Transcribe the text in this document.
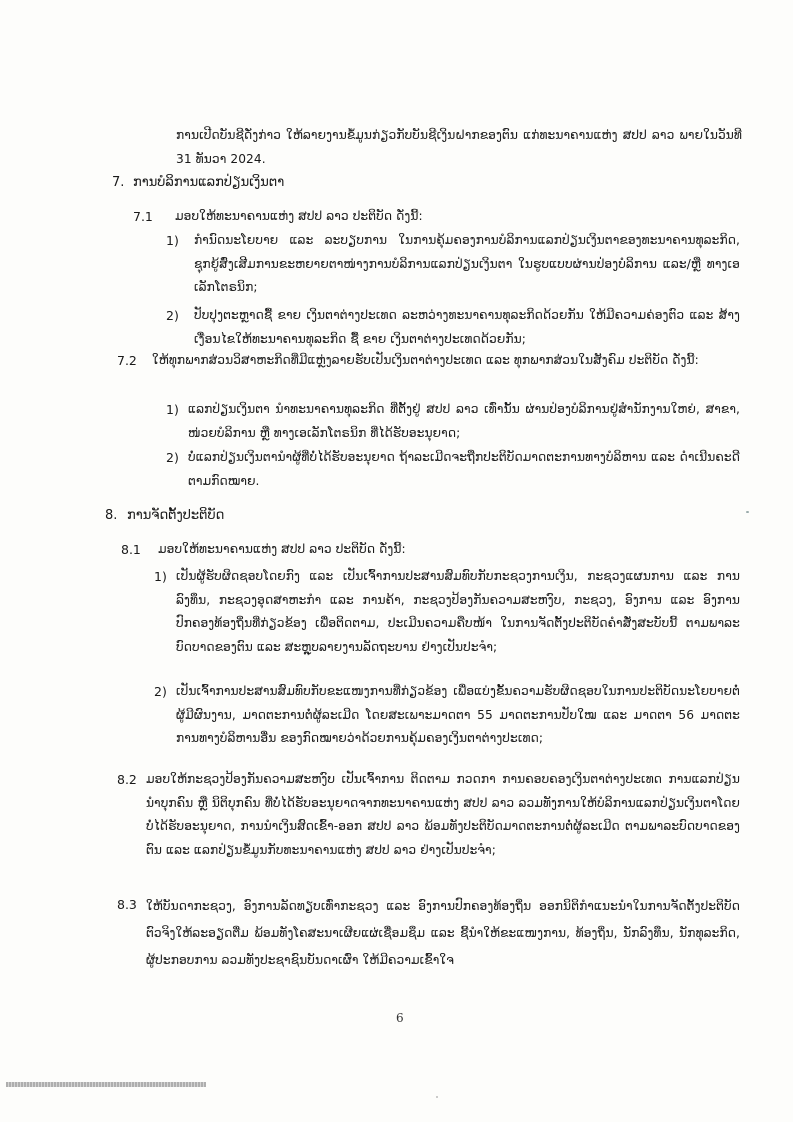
ການເປີດບັນຊີດັ່ງກ່າວ ໃຫ້ລາຍງານຂໍ້ມູນກ່ຽວກັບບັນຊີເງິນຝາກຂອງຕົນ ແກ່ທະນາຄານແຫ່ງ ສປປ ລາວ ພາຍໃນວັນທີ 31 ທັນວາ 2024.

7. ການບໍລິການແລກປ່ຽນເງິນຕາ
7.1 ມອບໃຫ້ທະນາຄານແຫ່ງ ສປປ ລາວ ປະຕິບັດ ດັ່ງນີ້:

1) ກຳນົດນະໂຍບາຍ ແລະ ລະບຽບການ ໃນການຄຸ້ມຄອງການບໍລິການແລກປ່ຽນເງິນຕາຂອງທະນາຄານທຸລະກິດ, ຊຸກຍູ້ສົ່ງເສີມການຂະຫຍາຍຕາໜ່າງການບໍລິການແລກປ່ຽນເງິນຕາ ໃນຮູບແບບຜ່ານປ່ອງບໍລິການ ແລະ/ຫຼື ທາງເອເລັກໂຕຣນິກ;

2) ປັບປຸງຕະຫຼາດຊື້ ຂາຍ ເງິນຕາຕ່າງປະເທດ ລະຫວ່າງທະນາຄານທຸລະກິດດ້ວຍກັນ ໃຫ້ມີຄວາມຄ່ອງຕົວ ແລະ ສ້າງເງື່ອນໄຂໃຫ້ທະນາຄານທຸລະກິດ ຊື້ ຂາຍ ເງິນຕາຕ່າງປະເທດດ້ວຍກັນ;

7.2 ໃຫ້ທຸກພາກສ່ວນວິສາຫະກິດທີ່ມີແຫຼ່ງລາຍຮັບເປັນເງິນຕາຕ່າງປະເທດ ແລະ ທຸກພາກສ່ວນໃນສັງຄົມ ປະຕິບັດ ດັ່ງນີ້:

1) ແລກປ່ຽນເງິນຕາ ນຳທະນາຄານທຸລະກິດ ທີ່ຕັ້ງຢູ່ ສປປ ລາວ ເທົ່ານັ້ນ ຜ່ານປ່ອງບໍລິການຢູ່ສຳນັກງານໃຫຍ່, ສາຂາ, ໜ່ວຍບໍລິການ ຫຼື ທາງເອເລັກໂຕຣນິກ ທີ່ໄດ້ຮັບອະນຸຍາດ;

2) ບໍ່ແລກປ່ຽນເງິນຕານຳຜູ້ທີ່ບໍ່ໄດ້ຮັບອະນຸຍາດ ຖ້າລະເມີດຈະຖືກປະຕິບັດມາດຕະການທາງບໍລິຫານ ແລະ ດຳເນີນຄະດີຕາມກົດໝາຍ.

8. ການຈັດຕັ້ງປະຕິບັດ
8.1 ມອບໃຫ້ທະນາຄານແຫ່ງ ສປປ ລາວ ປະຕິບັດ ດັ່ງນີ້:

1) ເປັນຜູ້ຮັບຜິດຊອບໂດຍກົງ ແລະ ເປັນເຈົ້າການປະສານສົມທົບກັບກະຊວງການເງິນ, ກະຊວງແຜນການ ແລະ ການລົງທຶນ, ກະຊວງອຸດສາຫະກຳ ແລະ ການຄ້າ, ກະຊວງປ້ອງກັນຄວາມສະຫງົບ, ກະຊວງ, ອົງການ ແລະ ອົງການປົກຄອງທ້ອງຖິ່ນທີ່ກ່ຽວຂ້ອງ ເພື່ອຕິດຕາມ, ປະເມີນຄວາມຄືບໜ້າ ໃນການຈັດຕັ້ງປະຕິບັດຄຳສັ່ງສະບັບນີ້ ຕາມພາລະບົດບາດຂອງຕົນ ແລະ ສະຫຼຸບລາຍງານລັດຖະບານ ຢ່າງເປັນປະຈຳ;

2) ເປັນເຈົ້າການປະສານສົມທົບກັບຂະແໜງການທີ່ກ່ຽວຂ້ອງ ເພື່ອແບ່ງຂັ້ນຄວາມຮັບຜິດຊອບໃນການປະຕິບັດນະໂຍບາຍຕໍ່ຜູ້ມີຜົນງານ, ມາດຕະການຕໍ່ຜູ້ລະເມີດ ໂດຍສະເພາະມາດຕາ 55 ມາດຕະການປັບໃໝ ແລະ ມາດຕາ 56 ມາດຕະການທາງບໍລິຫານອື່ນ ຂອງກົດໝາຍວ່າດ້ວຍການຄຸ້ມຄອງເງິນຕາຕ່າງປະເທດ;

8.2 ມອບໃຫ້ກະຊວງປ້ອງກັນຄວາມສະຫງົບ ເປັນເຈົ້າການ ຕິດຕາມ ກວດກາ ການຄອບຄອງເງິນຕາຕ່າງປະເທດ ການແລກປ່ຽນນຳບຸກຄົນ ຫຼື ນິຕິບຸກຄົນ ທີ່ບໍ່ໄດ້ຮັບອະນຸຍາດຈາກທະນາຄານແຫ່ງ ສປປ ລາວ ລວມທັງການໃຫ້ບໍລິການແລກປ່ຽນເງິນຕາໂດຍບໍ່ໄດ້ຮັບອະນຸຍາດ, ການນຳເງິນສົດເຂົ້າ-ອອກ ສປປ ລາວ ພ້ອມທັງປະຕິບັດມາດຕະການຕໍ່ຜູ້ລະເມີດ ຕາມພາລະບົດບາດຂອງຕົນ ແລະ ແລກປ່ຽນຂໍ້ມູນກັບທະນາຄານແຫ່ງ ສປປ ລາວ ຢ່າງເປັນປະຈຳ;

8.3 ໃຫ້ບັນດາກະຊວງ, ອົງການລັດທຽບເທົ່າກະຊວງ ແລະ ອົງການປົກຄອງທ້ອງຖິ່ນ ອອກນິຕິກຳແນະນຳໃນການຈັດຕັ້ງປະຕິບັດຕົວຈິງໃຫ້ລະອຽດຕື່ມ ພ້ອມທັງໂຄສະນາເຜີຍແຜ່ເຊື່ອມຊຶມ ແລະ ຊີ້ນຳໃຫ້ຂະແໜງການ, ທ້ອງຖິ່ນ, ນັກລົງທຶນ, ນັກທຸລະກິດ, ຜູ້ປະກອບການ ລວມທັງປະຊາຊົນບັນດາເຜົ່າ ໃຫ້ມີຄວາມເຂົ້າໃຈ

6
